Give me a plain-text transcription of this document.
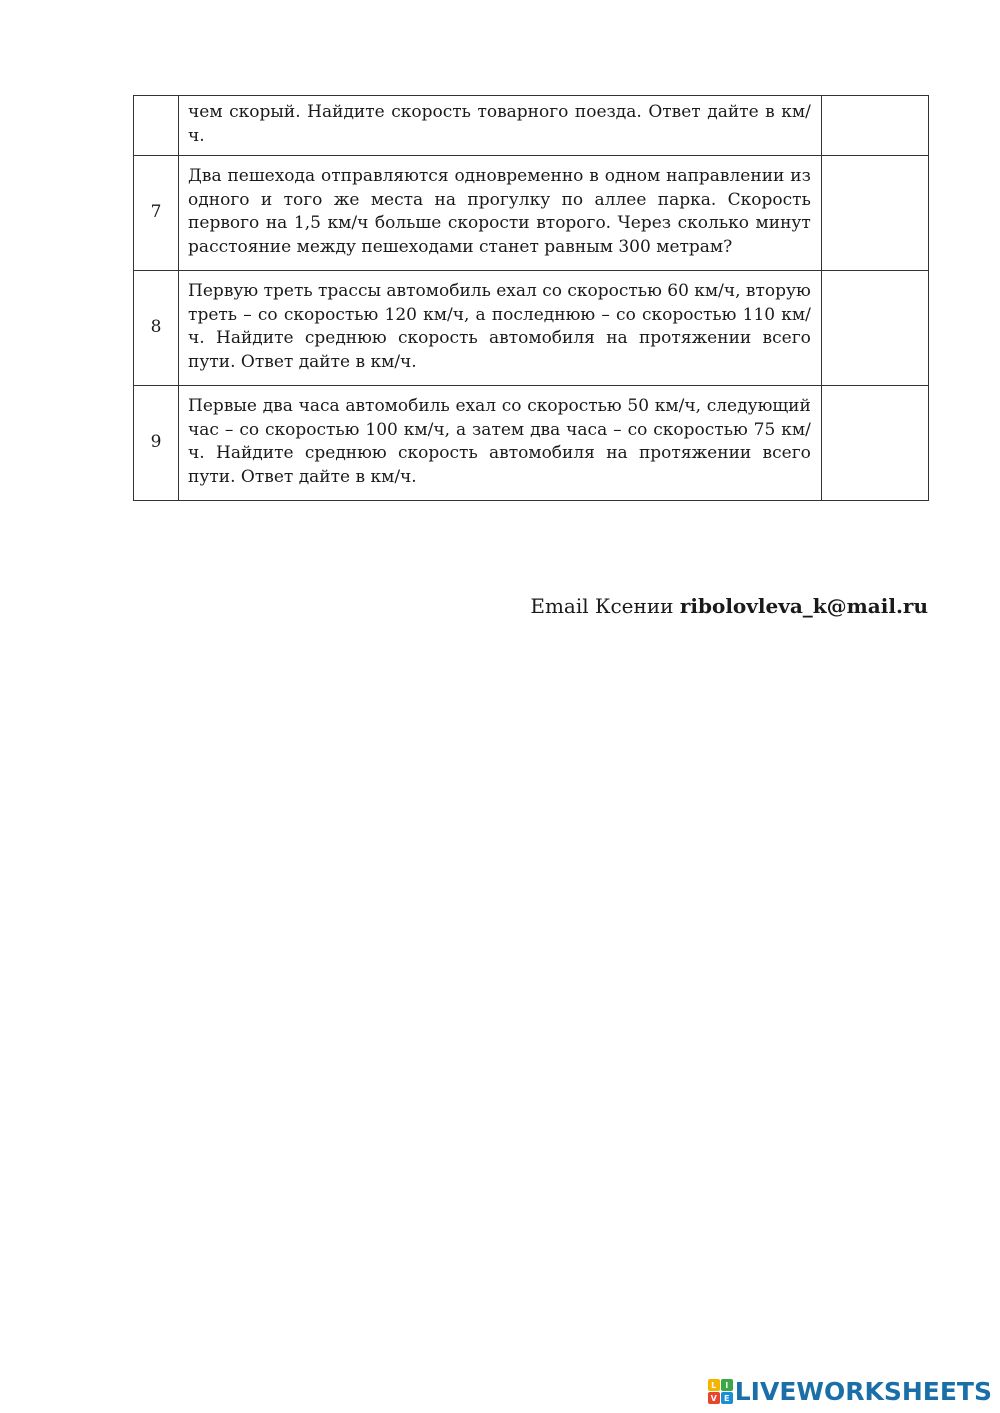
	чем скорый. Найдите скорость товарного поезда. Ответ дайте в км/ч.	
7	Два пешехода отправляются одновременно в одном направлении из одного и того же места на прогулку по аллее парка. Скорость первого на 1,5 км/ч больше скорости второго. Через сколько минут расстояние между пешеходами станет равным 300 метрам?	
8	Первую треть трассы автомобиль ехал со скоростью 60 км/ч, вторую треть – со скоростью 120 км/ч, а последнюю – со скоростью 110 км/ч. Найдите среднюю скорость автомобиля на протяжении всего пути. Ответ дайте в км/ч.	
9	Первые два часа автомобиль ехал со скоростью 50 км/ч, следующий час – со скоростью 100 км/ч, а затем два часа – со скоростью 75 км/ч. Найдите среднюю скорость автомобиля на протяжении всего пути. Ответ дайте в км/ч.	
Email Ксении ribolovleva_k@mail.ru
L	I
V E LIVEWORKSHEETS
